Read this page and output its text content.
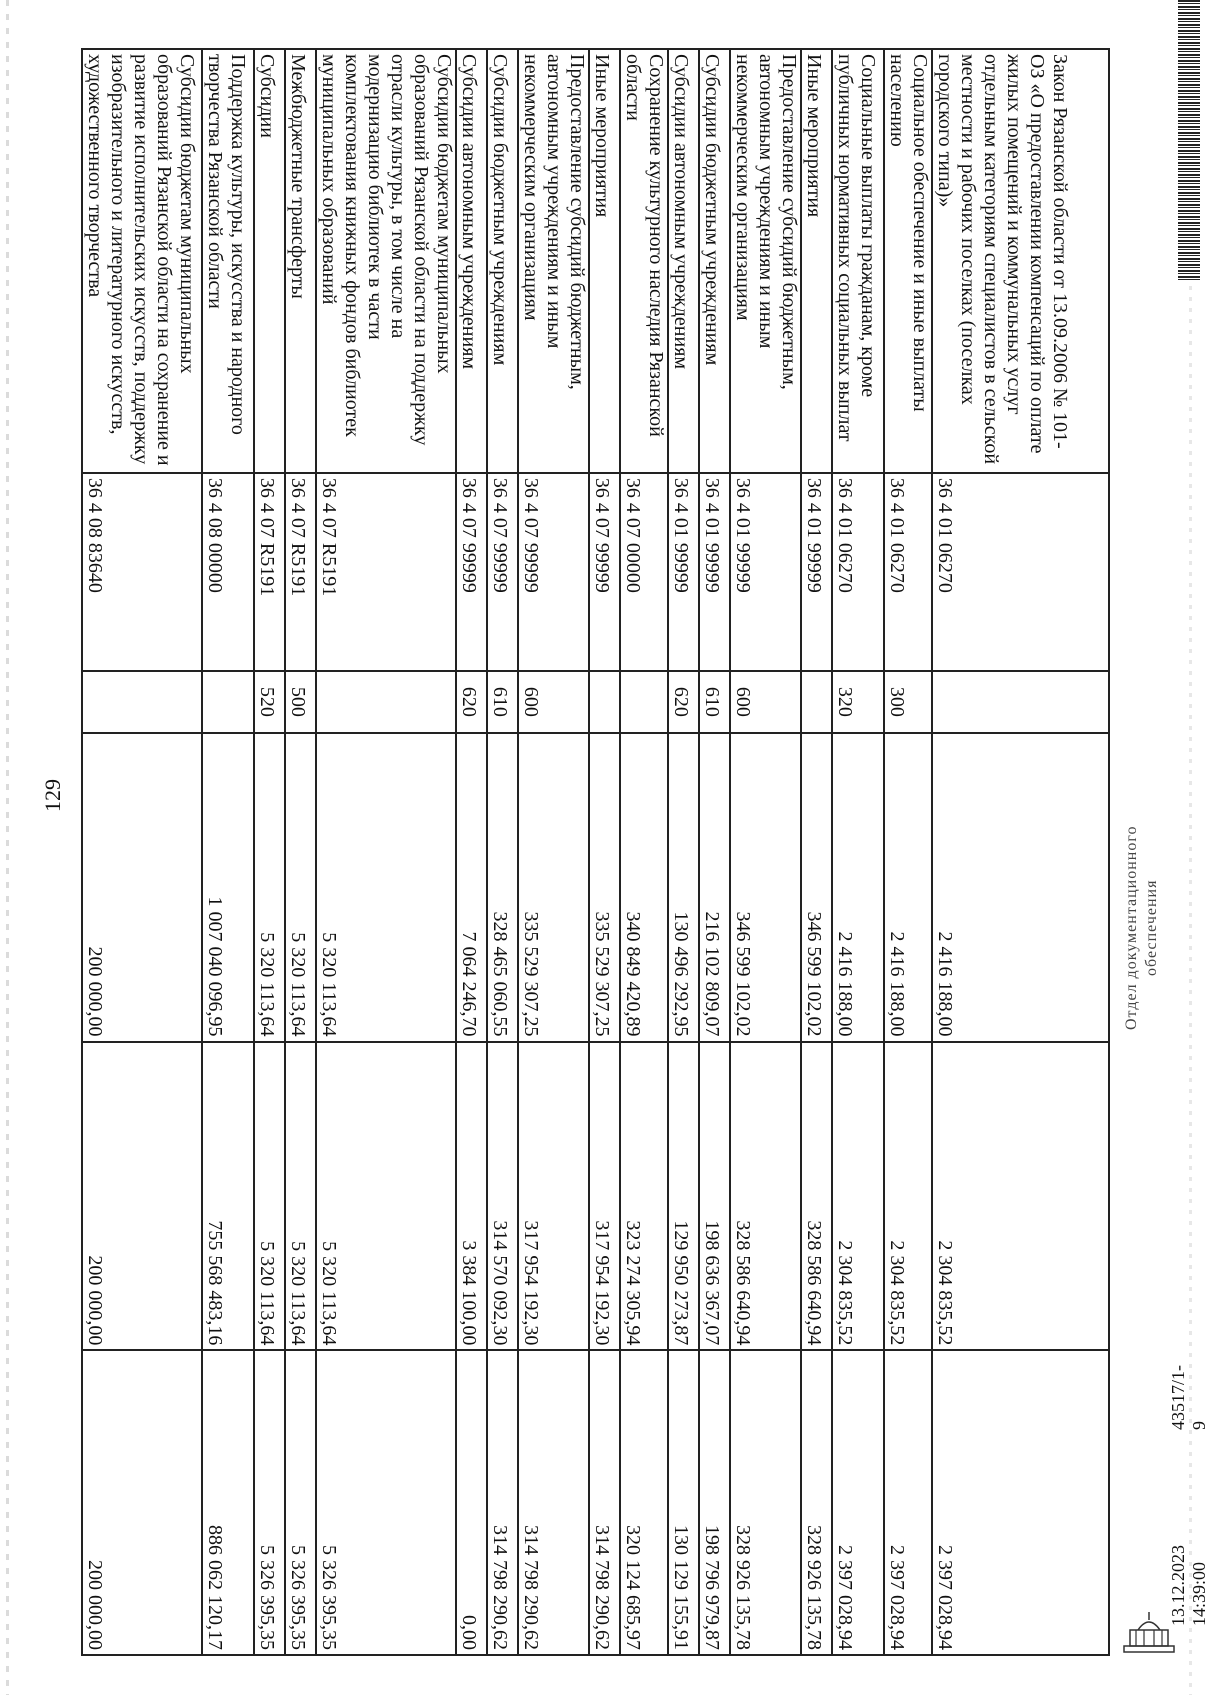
129
Закон Рязанской области от 13.09.2006 № 101-ОЗ «О предоставлении компенсаций по оплате жилых помещений и коммунальных услуг отдельным категориям специалистов в сельской местности и рабочих поселках (поселках городского типа)»	36 4 01 06270		2 416 188,00	2 304 835,52	2 397 028,94
Социальное обеспечение и иные выплаты населению	36 4 01 06270	300	2 416 188,00	2 304 835,52	2 397 028,94
Социальные выплаты гражданам, кроме публичных нормативных социальных выплат	36 4 01 06270	320	2 416 188,00	2 304 835,52	2 397 028,94
Иные мероприятия	36 4 01 99999		346 599 102,02	328 586 640,94	328 926 135,78
Предоставление субсидий бюджетным, автономным учреждениям и иным некоммерческим организациям	36 4 01 99999	600	346 599 102,02	328 586 640,94	328 926 135,78
Субсидии бюджетным учреждениям	36 4 01 99999	610	216 102 809,07	198 636 367,07	198 796 979,87
Субсидии автономным учреждениям	36 4 01 99999	620	130 496 292,95	129 950 273,87	130 129 155,91
Сохранение культурного наследия Рязанской области	36 4 07 00000		340 849 420,89	323 274 305,94	320 124 685,97
Иные мероприятия	36 4 07 99999		335 529 307,25	317 954 192,30	314 798 290,62
Предоставление субсидий бюджетным, автономным учреждениям и иным некоммерческим организациям	36 4 07 99999	600	335 529 307,25	317 954 192,30	314 798 290,62
Субсидии бюджетным учреждениям	36 4 07 99999	610	328 465 060,55	314 570 092,30	314 798 290,62
Субсидии автономным учреждениям	36 4 07 99999	620	7 064 246,70	3 384 100,00	0,00
Субсидии бюджетам муниципальных образований Рязанской области на поддержку отрасли культуры, в том числе на модернизацию библиотек в части комплектования книжных фондов библиотек муниципальных образований	36 4 07 R5191		5 320 113,64	5 320 113,64	5 326 395,35
Межбюджетные трансферты	36 4 07 R5191	500	5 320 113,64	5 320 113,64	5 326 395,35
Субсидии	36 4 07 R5191	520	5 320 113,64	5 320 113,64	5 326 395,35
Поддержка культуры, искусства и народного творчества Рязанской области	36 4 08 00000		1 007 040 096,95	755 568 483,16	886 062 120,17
Субсидии бюджетам муниципальных образований Рязанской области на сохранение и развитие исполнительских искусств, поддержку изобразительного и литературного искусств, художественного творчества	36 4 08 83640		200 000,00	200 000,00	200 000,00
Отдел документационного обеспечения
13.12.2023 14:39:00
43517/1-9
